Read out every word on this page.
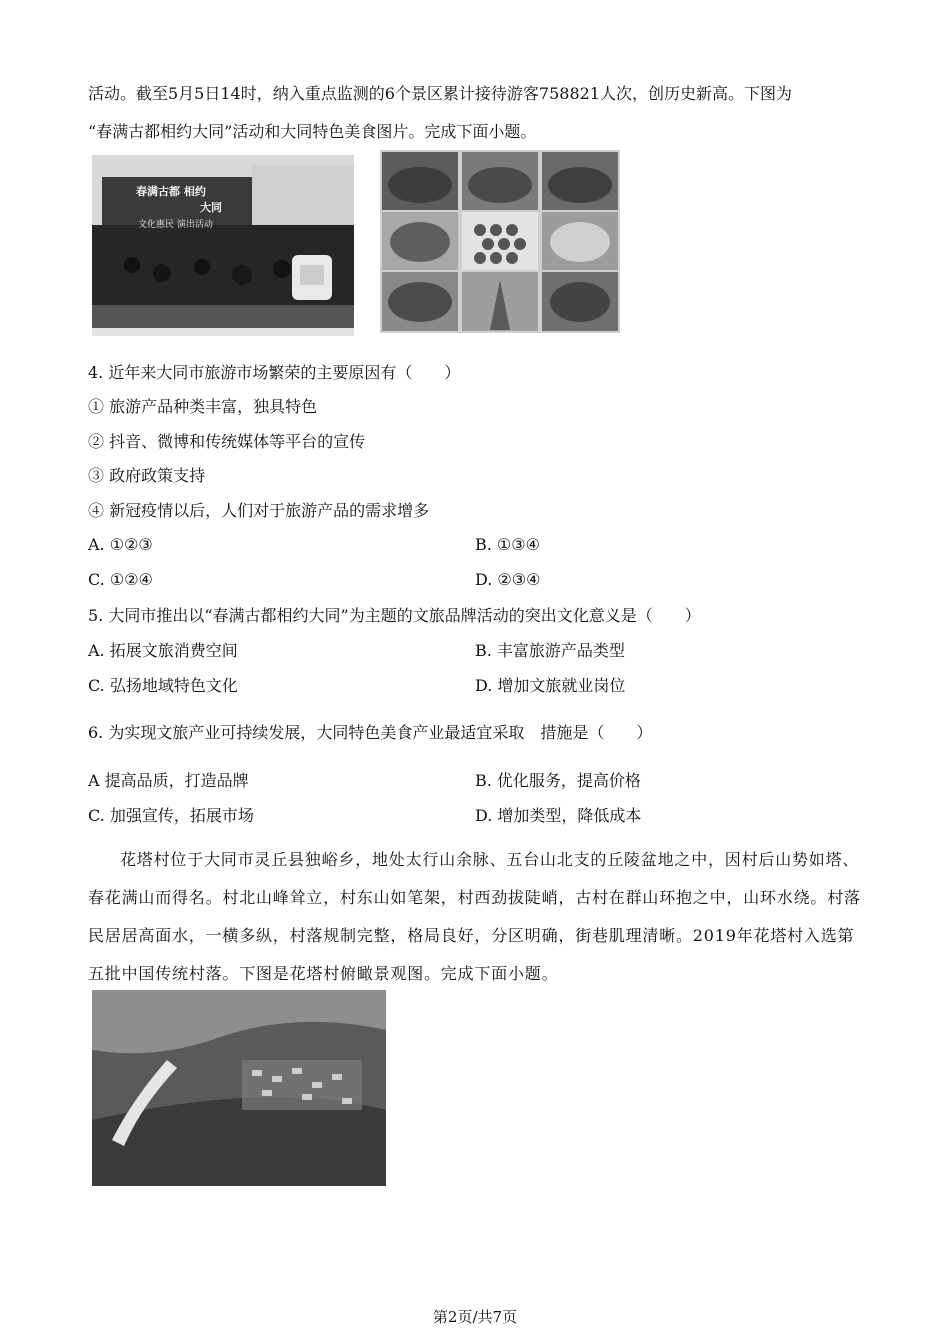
活动。截至5月5日14时，纳入重点监测的6个景区累计接待游客758821人次，创历史新高。下图为
“春满古都相约大同”活动和大同特色美食图片。完成下面小题。
春满古都 相约
大同
文化惠民 演出活动
4. 近年来大同市旅游市场繁荣的主要原因有（　　）
① 旅游产品种类丰富，独具特色
② 抖音、微博和传统媒体等平台的宣传
③ 政府政策支持
④ 新冠疫情以后，人们对于旅游产品的需求增多
A. ①②③	B. ①③④
C. ①②④	D. ②③④
5. 大同市推出以“春满古都相约大同”为主题的文旅品牌活动的突出文化意义是（　　）
A. 拓展文旅消费空间	B. 丰富旅游产品类型
C. 弘扬地域特色文化	D. 增加文旅就业岗位
6. 为实现文旅产业可持续发展，大同特色美食产业最适宜采取　措施是（　　）
A 提高品质，打造品牌	B. 优化服务，提高价格
C. 加强宣传，拓展市场	D. 增加类型，降低成本
花塔村位于大同市灵丘县独峪乡，地处太行山余脉、五台山北支的丘陵盆地之中，因村后山势如塔、春花满山而得名。村北山峰耸立，村东山如笔架，村西劲拔陡峭，古村在群山环抱之中，山环水绕。村落民居居高面水，一横多纵，村落规制完整，格局良好，分区明确，街巷肌理清晰。2019年花塔村入选第五批中国传统村落。下图是花塔村俯瞰景观图。完成下面小题。
第2页/共7页
